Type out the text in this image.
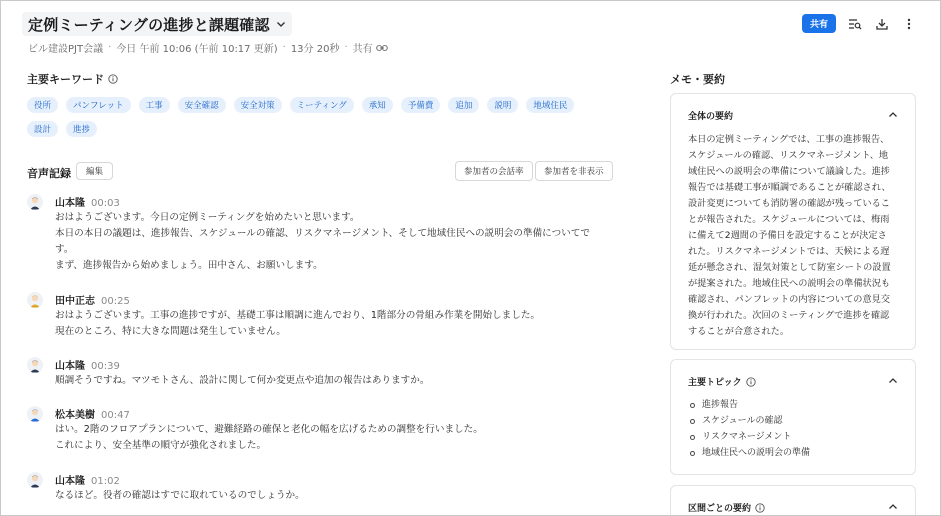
定例ミーティングの進捗と課題確認
ビル建設PJT会議 · 今日 午前 10:06 (午前 10:17 更新) · 13分 20秒 · 共有
共有
主要キーワード
役所	パンフレット	工事	安全確認	安全対策	ミーティング	承知	予備費	追加	説明	地域住民
設計	進捗
音声記録	編集	参加者の会話率	参加者を非表示
山本隆 00:03
おはようございます。今日の定例ミーティングを始めたいと思います。
本日の本日の議題は、進捗報告、スケジュールの確認、リスクマネージメント、そして地域住民への説明会の準備についてで
す。
まず、進捗報告から始めましょう。田中さん、お願いします。
田中正志 00:25
おはようございます。工事の進捗ですが、基礎工事は順調に進んでおり、1階部分の骨組み作業を開始しました。
現在のところ、特に大きな問題は発生していません。
山本隆 00:39
順調そうですね。マツモトさん、設計に関して何か変更点や追加の報告はありますか。
松本美樹 00:47
はい。2階のフロアプランについて、避難経路の確保と老化の幅を広げるための調整を行いました。
これにより、安全基準の順守が強化されました。
山本隆 01:02
なるほど。役者の確認はすでに取れているのでしょうか。
メモ・要約
全体の要約
本日の定例ミーティングでは、工事の進捗報告、
スケジュールの確認、リスクマネージメント、地
域住民への説明会の準備について議論した。進捗
報告では基礎工事が順調であることが確認され、
設計変更についても消防署の確認が残っているこ
とが報告された。スケジュールについては、梅雨
に備えて2週間の予備日を設定することが決定さ
れた。リスクマネージメントでは、天候による遅
延が懸念され、湿気対策として防室シートの設置
が提案された。地域住民への説明会の準備状況も
確認され、パンフレットの内容についての意見交
換が行われた。次回のミーティングで進捗を確認
することが合意された。
主要トピック
進捗報告
スケジュールの確認
リスクマネージメント
地域住民への説明会の準備
区間ごとの要約
